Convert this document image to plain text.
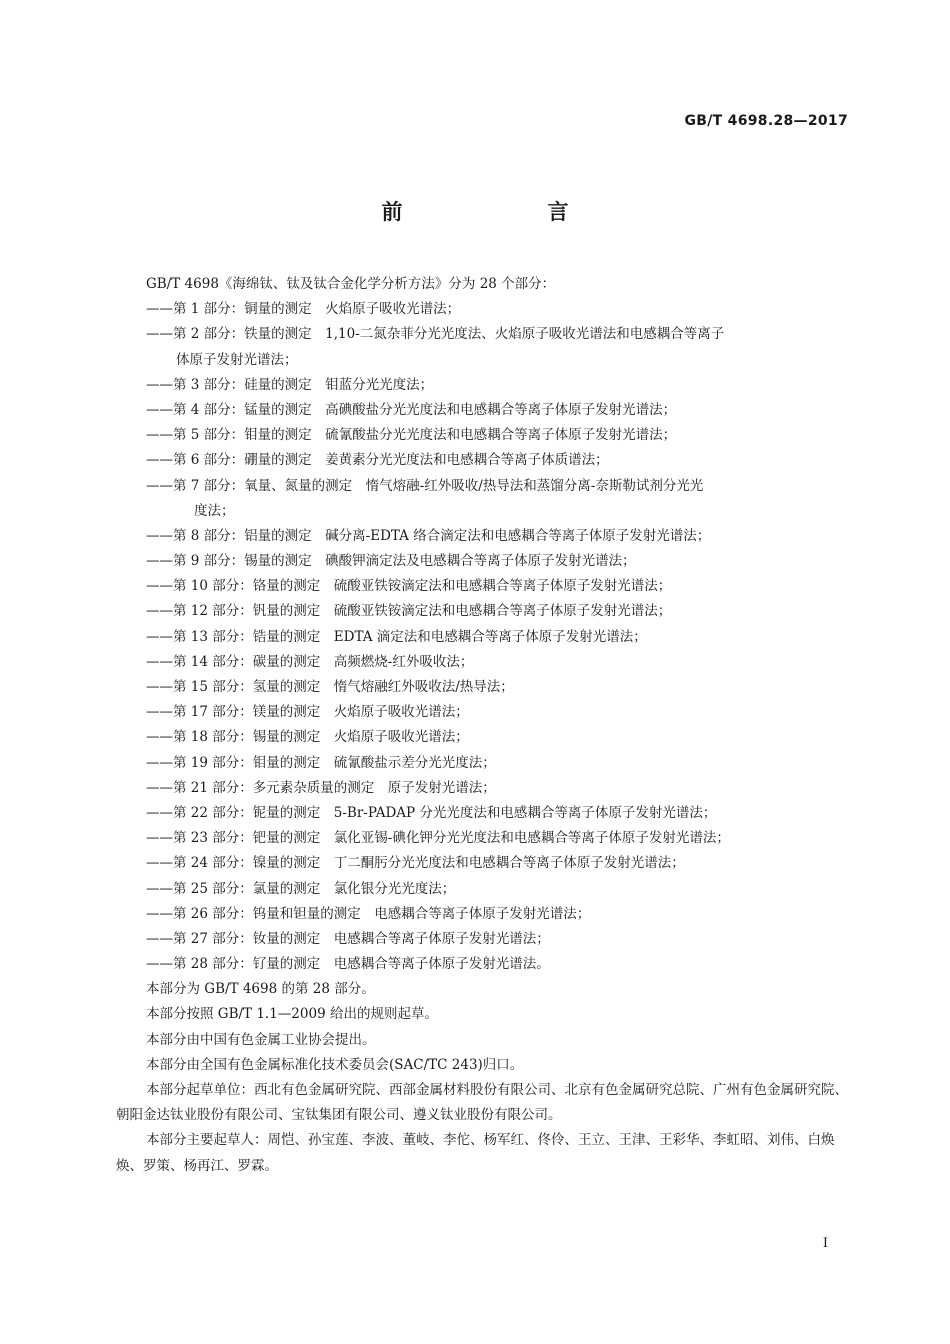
GB/T 4698.28—2017
前　言
GB/T 4698《海绵钛、钛及钛合金化学分析方法》分为 28 个部分：
——第 1 部分：铜量的测定　火焰原子吸收光谱法；
——第 2 部分：铁量的测定　1,10-二氮杂菲分光光度法、火焰原子吸收光谱法和电感耦合等离子
体原子发射光谱法；
——第 3 部分：硅量的测定　钼蓝分光光度法；
——第 4 部分：锰量的测定　高碘酸盐分光光度法和电感耦合等离子体原子发射光谱法；
——第 5 部分：钼量的测定　硫氰酸盐分光光度法和电感耦合等离子体原子发射光谱法；
——第 6 部分：硼量的测定　姜黄素分光光度法和电感耦合等离子体质谱法；
——第 7 部分：氧量、氮量的测定　惰气熔融-红外吸收/热导法和蒸馏分离-奈斯勒试剂分光光
度法；
——第 8 部分：铝量的测定　碱分离-EDTA 络合滴定法和电感耦合等离子体原子发射光谱法；
——第 9 部分：锡量的测定　碘酸钾滴定法及电感耦合等离子体原子发射光谱法；
——第 10 部分：铬量的测定　硫酸亚铁铵滴定法和电感耦合等离子体原子发射光谱法；
——第 12 部分：钒量的测定　硫酸亚铁铵滴定法和电感耦合等离子体原子发射光谱法；
——第 13 部分：锆量的测定　EDTA 滴定法和电感耦合等离子体原子发射光谱法；
——第 14 部分：碳量的测定　高频燃烧-红外吸收法；
——第 15 部分：氢量的测定　惰气熔融红外吸收法/热导法；
——第 17 部分：镁量的测定　火焰原子吸收光谱法；
——第 18 部分：锡量的测定　火焰原子吸收光谱法；
——第 19 部分：钼量的测定　硫氰酸盐示差分光光度法；
——第 21 部分：多元素杂质量的测定　原子发射光谱法；
——第 22 部分：铌量的测定　5-Br-PADAP 分光光度法和电感耦合等离子体原子发射光谱法；
——第 23 部分：钯量的测定　氯化亚锡-碘化钾分光光度法和电感耦合等离子体原子发射光谱法；
——第 24 部分：镍量的测定　丁二酮肟分光光度法和电感耦合等离子体原子发射光谱法；
——第 25 部分：氯量的测定　氯化银分光光度法；
——第 26 部分：钨量和钽量的测定　电感耦合等离子体原子发射光谱法；
——第 27 部分：钕量的测定　电感耦合等离子体原子发射光谱法；
——第 28 部分：钌量的测定　电感耦合等离子体原子发射光谱法。
本部分为 GB/T 4698 的第 28 部分。
本部分按照 GB/T 1.1—2009 给出的规则起草。
本部分由中国有色金属工业协会提出。
本部分由全国有色金属标准化技术委员会(SAC/TC 243)归口。
本部分起草单位：西北有色金属研究院、西部金属材料股份有限公司、北京有色金属研究总院、广州有色金属研究院、朝阳金达钛业股份有限公司、宝钛集团有限公司、遵义钛业股份有限公司。
本部分主要起草人：周恺、孙宝莲、李波、董岐、李佗、杨军红、佟伶、王立、王津、王彩华、李虹昭、刘伟、白焕焕、罗策、杨再江、罗霖。
I
